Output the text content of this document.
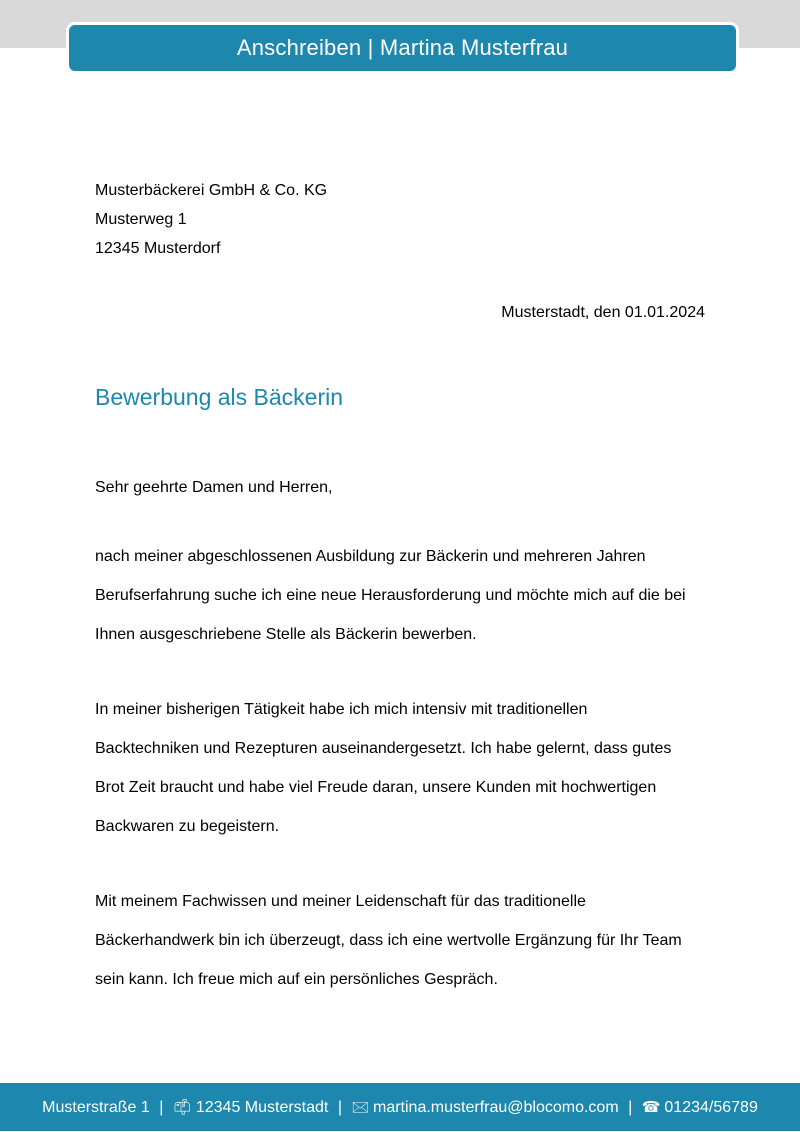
Anschreiben | Martina Musterfrau
Musterbäckerei GmbH & Co. KG
Musterweg 1
12345 Musterdorf
Musterstadt, den 01.01.2024
Bewerbung als Bäckerin
Sehr geehrte Damen und Herren,
nach meiner abgeschlossenen Ausbildung zur Bäckerin und mehreren Jahren
Berufserfahrung suche ich eine neue Herausforderung und möchte mich auf die bei
Ihnen ausgeschriebene Stelle als Bäckerin bewerben.
In meiner bisherigen Tätigkeit habe ich mich intensiv mit traditionellen
Backtechniken und Rezepturen auseinandergesetzt. Ich habe gelernt, dass gutes
Brot Zeit braucht und habe viel Freude daran, unsere Kunden mit hochwertigen
Backwaren zu begeistern.
Mit meinem Fachwissen und meiner Leidenschaft für das traditionelle
Bäckerhandwerk bin ich überzeugt, dass ich eine wertvolle Ergänzung für Ihr Team
sein kann. Ich freue mich auf ein persönliches Gespräch.
Musterstraße 1 | 📫︎ 12345 Musterstadt | 🖂 martina.musterfrau@blocomo.com | ☎ 01234/56789
